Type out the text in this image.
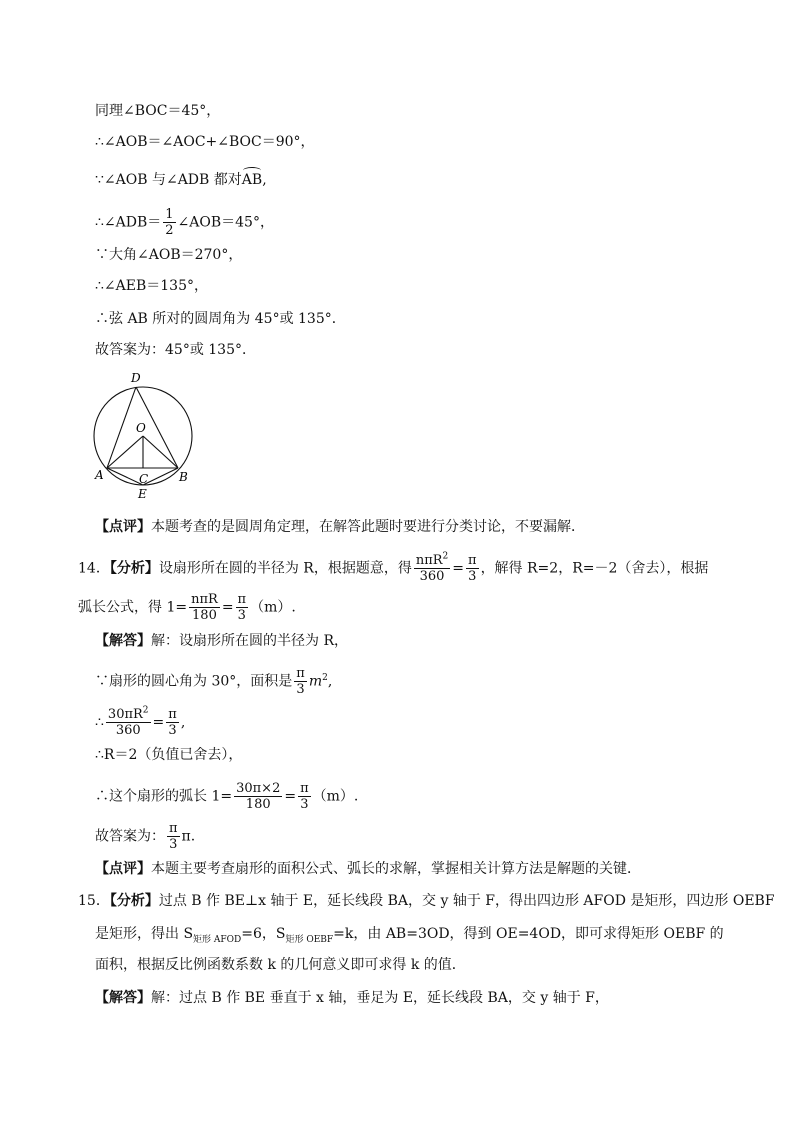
同理∠BOC＝45°，
∴∠AOB＝∠AOC+∠BOC＝90°，
∵∠AOB 与∠ADB 都对AB,
∴∠ADB＝ $\frac{1}{2}$ ∠AOB＝45°，
∵大角∠AOB＝270°，
∴∠AEB＝135°，
∴弦 AB 所对的圆周角为 45°或 135°．
故答案为：45°或 135°．
D
O
A	C	B
E
【点评】本题考查的是圆周角定理，在解答此题时要进行分类讨论，不要漏解．
14．【分析】设扇形所在圆的半径为 R，根据题意，得 $\frac{n\pi R^2}{360} = \frac{\pi}{3}$ ，解得 R=2，R=－2（舍去），根据
弧长公式，得 $1= \frac{\text{nπR}}{180} = \frac{\pi}{3} (m)$.
【解答】解：设扇形所在圆的半径为 R，
∵扇形的圆心角为 30°，面积是 $\frac{\pi}{3} m^2$,
∴ $\frac{30\pi R^2}{360} = \frac{\pi}{3}$ ,
∴R＝2（负值已舍去），
∴这个扇形的弧长 $1= \frac{30\pi\times 2}{180} = \frac{\pi}{3} (m)$.
故答案为： $\frac{\pi}{3} \pi$.
【点评】本题主要考查扇形的面积公式、弧长的求解，掌握相关计算方法是解题的关键．
15．【分析】过点 B 作 BE⊥x 轴于 E，延长线段 BA，交 y 轴于 F，得出四边形 AFOD 是矩形，四边形 OEBF
是矩形，得出 $S_{矩形 AFOD}=6$，$S_{矩形 OEBF}=k$，由 AB=3OD，得到 OE=4OD，即可求得矩形 OEBF 的
面积，根据反比例函数系数 k 的几何意义即可求得 k 的值．
【解答】解：过点 B 作 BE 垂直于 x 轴，垂足为 E，延长线段 BA，交 y 轴于 F，
